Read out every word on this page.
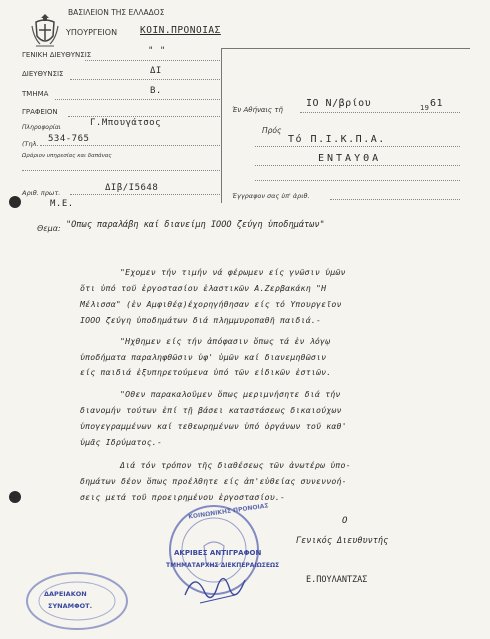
ΒΑΣΙΛΕΙΟΝ ΤΗΣ ΕΛΛΑΔΟΣ
ΥΠΟΥΡΓΕΙΟΝ ΚΟΙΝ.ΠΡΟΝΟΙΑΣ
ΓΕΝΙΚΗ ΔΙΕΥΘΥΝΣΙΣ	" "
ΔΙΕΥΘΥΝΣΙΣ	ΔΙ
ΤΜΗΜΑ	Β.
ΓΡΑΦΕΙΟΝ
Πληροφορίαι	Γ.Μπουγάτσος
(Τηλ. 534-765
Ωράριον υπηρεσίας και δαπάνας
Αριθ. πρωτ.	ΔΙβ/Ι5648
Μ.Ε.
Έν Αθήναις τῆ
ΙΟ Ν/βρίου	19 61
Πρός
Τό Π.Ι.Κ.Π.Α.
ΕΝΤΑΥΘΑ
Έγγραφον σας ὑπ' ἀριθ.
Θεμα: "Οπως παραλάβη καί διανείμη ΙΟΟΟ ζεύγη ὑποδημάτων"
"Εχομεν τήν τιμήν νά φέρωμεν είς γνῶσιν ὑμῶν
ὅτι ὑπό τοῦ ἐργοστασίου ἐλαστικῶν Α.Ζερβακάκη "Η
Μέλισσα" (ἐν Αμφιθέᾳ)έχορηγήθησαν είς τό Υπουργεῖον
ΙΟΟΟ ζεύγη ὑποδημάτων διά πλημμυροπαθῆ παιδιά.-
"Ηχθημεν είς τήν ἀπόφασιν ὅπως τά ἐν λόγῳ
ὑποδήματα παραληφθῶσιν ὑφ' ὑμῶν καί διανεμηθῶσιν
είς παιδιά ἐξυπηρετούμενα ὑπό τῶν εἰδικῶν ἑστιῶν.
"Οθεν παρακαλοῦμεν ὅπως μεριμνήσητε διά τήν
διανομήν τούτων ἐπί τῇ βάσει καταστάσεως δικαιούχων
ὑπογεγραμμένων καί τεθεωρημένων ὑπό ὀργάνων τοῦ καθ'
ὑμᾶς Ιδρύματος.-
Διά τόν τρόπον τῆς διαθέσεως τῶν ἀνωτέρω ὑπο-
δημάτων δέον ὅπως προέλθητε είς ἀπ'εὐθείας συνεννοή-
σεις μετά τοῦ προειρημένου ἐργοστασίου.-
Ο
Γενικός Διευθυντής
Ε.ΠΟΥΛΑΝΤΖΑΣ
ΚΟΙΝΩΝΙΚΗΣ ΠΡΟΝΟΙΑΣ
ΑΚΡΙΒΕΣ ΑΝΤΙΓΡΑΦΟΝ
ΤΜΗΜΑΤΑΡΧΗΣ ΔΙΕΚΠΕΡΑΙΩΣΕΩΣ
ΔΑΡΕΙΑΚΟΝ
ΣΥΝΑΜΦΟΤ.
